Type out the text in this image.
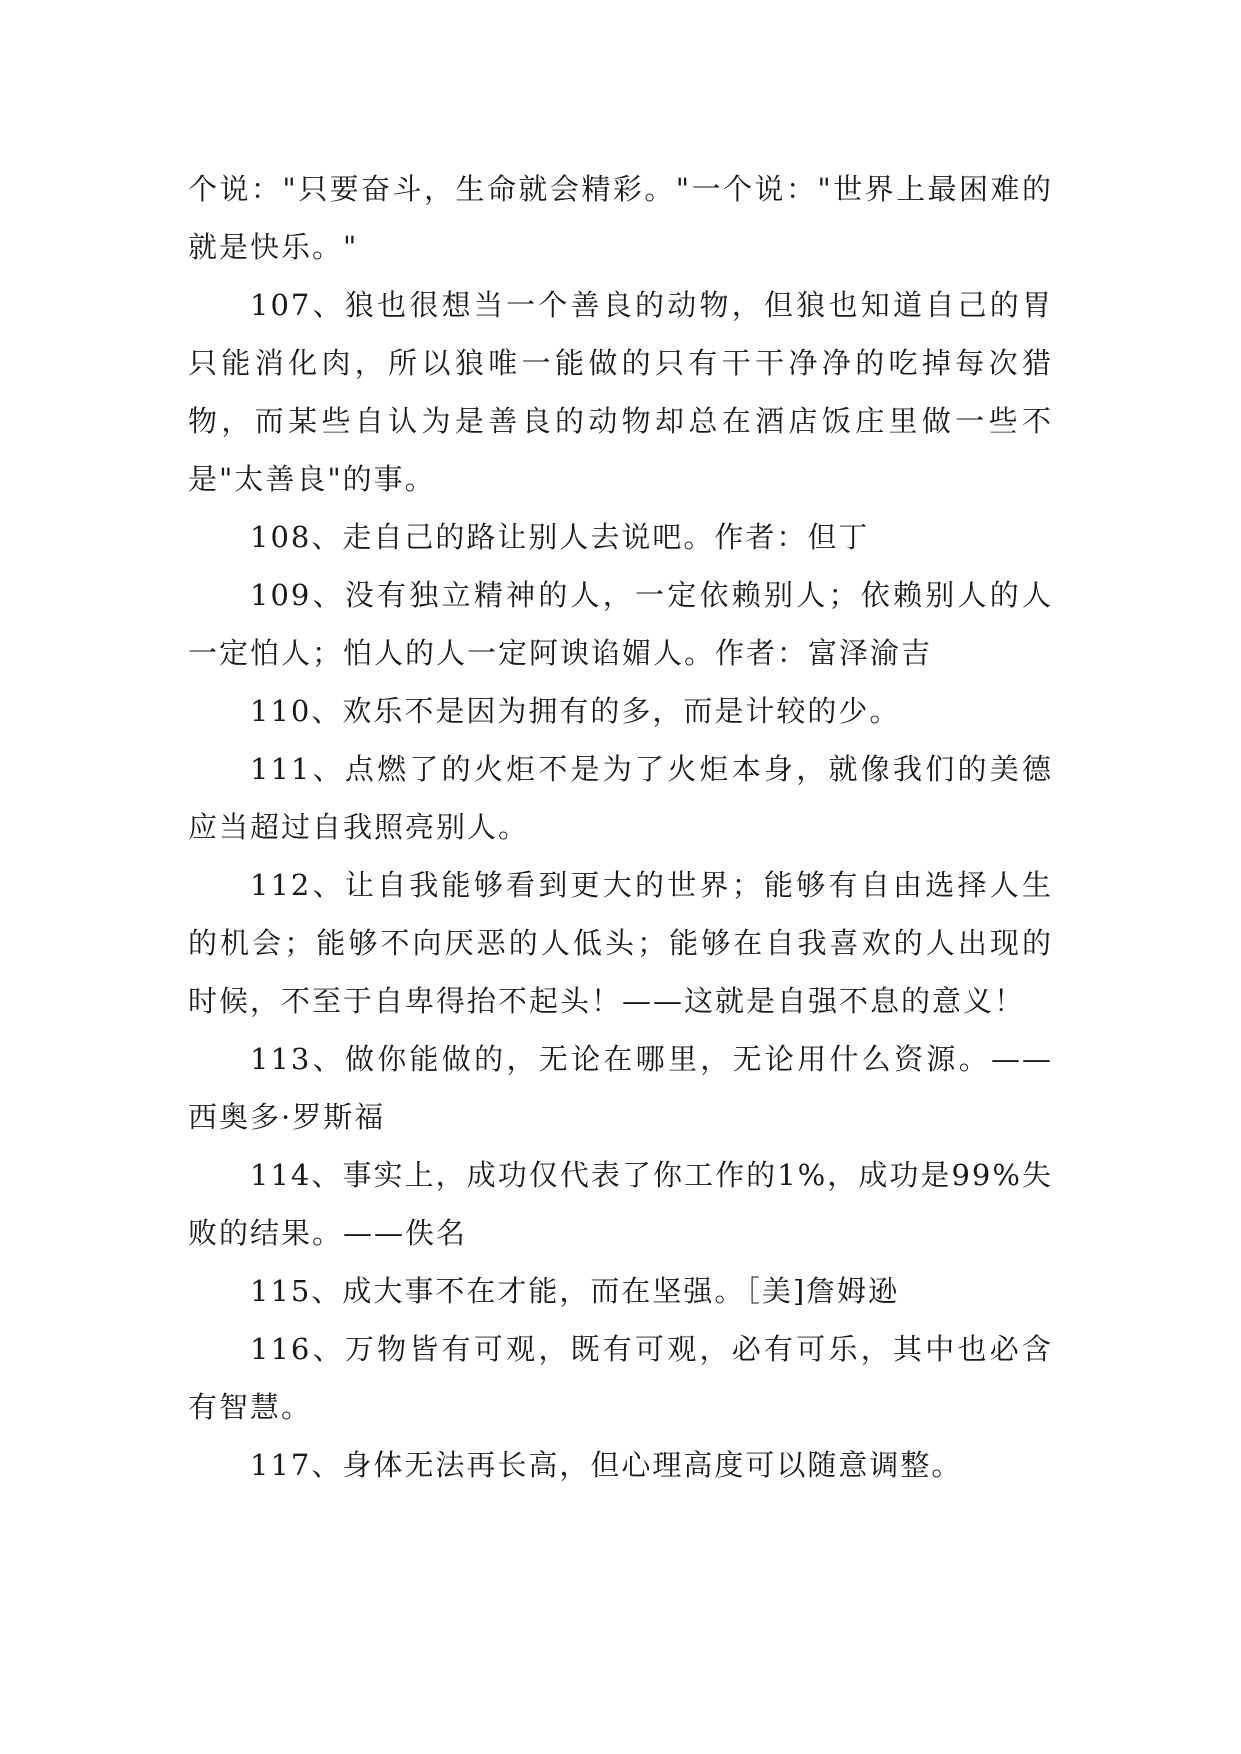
个说："只要奋斗，生命就会精彩。"一个说："世界上最困难的就是快乐。"

107、狼也很想当一个善良的动物，但狼也知道自己的胃只能消化肉，所以狼唯一能做的只有干干净净的吃掉每次猎物，而某些自认为是善良的动物却总在酒店饭庄里做一些不是"太善良"的事。

108、走自己的路让别人去说吧。作者：但丁

109、没有独立精神的人，一定依赖别人；依赖别人的人一定怕人；怕人的人一定阿谀谄媚人。作者：富泽渝吉

110、欢乐不是因为拥有的多，而是计较的少。

111、点燃了的火炬不是为了火炬本身，就像我们的美德应当超过自我照亮别人。

112、让自我能够看到更大的世界；能够有自由选择人生的机会；能够不向厌恶的人低头；能够在自我喜欢的人出现的时候，不至于自卑得抬不起头！——这就是自强不息的意义！

113、做你能做的，无论在哪里，无论用什么资源。——西奥多·罗斯福

114、事实上，成功仅代表了你工作的1%，成功是99%失败的结果。——佚名

115、成大事不在才能，而在坚强。［美]詹姆逊

116、万物皆有可观，既有可观，必有可乐，其中也必含有智慧。

117、身体无法再长高，但心理高度可以随意调整。
